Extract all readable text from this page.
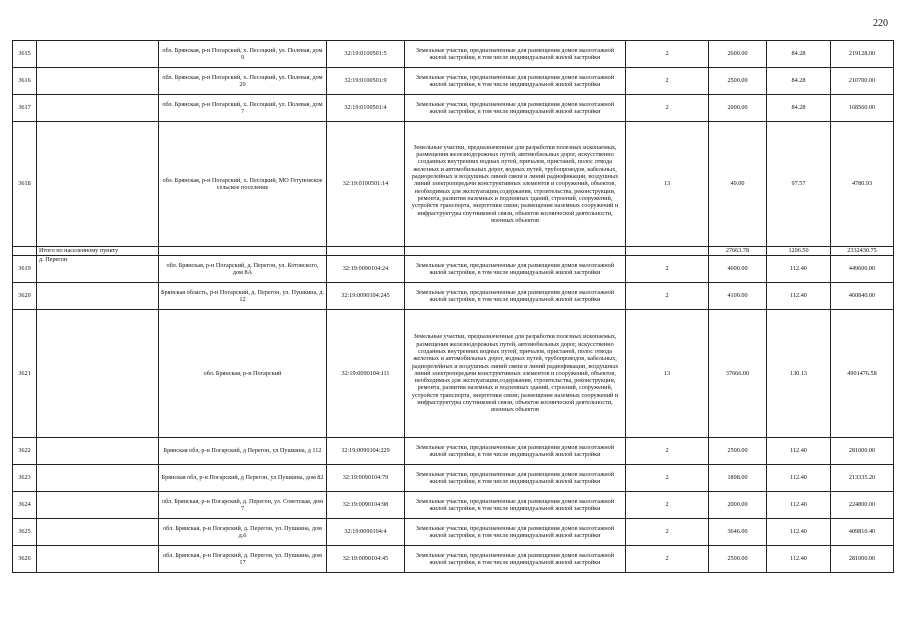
220
3615		обл. Брянская, р-н Погарский, х. Песоцкий, ул. Полевая, дом 9	32:19:0100501:5	Земельные участки, предназначенные для размещения домов малоэтажной жилой застройки, в том числе индивидуальной жилой застройки	2	2600.00	84.28	219128.00
3616		обл. Брянская, р-н Погарский, х. Песоцкий, ул. Полевая, дом 20	32:19:0100501:9	Земельные участки, предназначенные для размещения домов малоэтажной жилой застройки, в том числе индивидуальной жилой застройки	2	2500.00	84.28	210700.00
3617		обл. Брянская, р-н Погарский, х. Песоцкий, ул. Полевая, дом 7	32:19:0100501:4	Земельные участки, предназначенные для размещения домов малоэтажной жилой застройки, в том числе индивидуальной жилой застройки	2	2000.00	84.28	168560.00
3618		обл. Брянская, р-н Погарский, х. Песоцкий, МО Гетуновское сельское поселение	32:19:0100501:14	Земельные участки, предназначенные для разработки полезных ископаемых, размещения железнодорожных путей, автомобильных дорог, искусственно созданных внутренних водных путей, причалов, пристаней, полос отвода железных и автомобильных дорог, водных путей, трубопроводов, кабельных, радиорелейных и воздушных линий связи и линий радиофикации, воздушных линий электропередачи конструктивных элементов и сооружений, объектов, необходимых для эксплуатации,содержания, строительства, реконструкции, ремонта, развития наземных и подземных зданий, строений, сооружений, устройств транспорта, энергетики связи; размещения наземных сооружений и инфраструктуры спутниковой связи, объектов космической деятельности, военных объектов	13	49.00	97.57	4780.93
	Итого по населенному пункту					27663.78	1206.50	2332430.75
3619	д. Перегон	обл. Брянская, р-н Погарский, д. Перегон, ул. Котовского, дом 8А	32:19:0090104:24	Земельные участки, предназначенные для размещения домов малоэтажной жилой застройки, в том числе индивидуальной жилой застройки	2	4000.00	112.40	449600.00
3620		Брянская область, р-н Погарский, д. Перегон, ул. Пушкина, д. 12	32:19:0090104:245	Земельные участки, предназначенные для размещения домов малоэтажной жилой застройки, в том числе индивидуальной жилой застройки	2	4100.00	112.40	460840.00
3621		обл. Брянская, р-н Погарский	32:19:0090104:111	Земельные участки, предназначенные для разработки полезных ископаемых, размещения железнодорожных путей, автомобильных дорог, искусственно созданных внутренних водных путей, причалов, пристаней, полос отвода железных и автомобильных дорог, водных путей, трубопроводов, кабельных, радиорелейных и воздушных линий связи и линий радиофикации, воздушных линий электропередачи конструктивных элементов и сооружений, объектов, необходимых для эксплуатации,содержания, строительства, реконструкции, ремонта, развития наземных и подземных зданий, строений, сооружений, устройств транспорта, энергетики связи; размещения наземных сооружений и инфраструктуры спутниковой связи, объектов космической деятельности, военных объектов	13	37666.00	130.13	4901476.58
3622		Брянская обл, р-н Погарский, д Перегон, ул Пушкина, д 112	32:19:0090104:229	Земельные участки, предназначенные для размещения домов малоэтажной жилой застройки, в том числе индивидуальной жилой застройки	2	2500.00	112.40	281000.00
3623		Брянская обл, р-н Погарский, д Перегон, ул Пушкина, дом 82	32:19:0090104:79	Земельные участки, предназначенные для размещения домов малоэтажной жилой застройки, в том числе индивидуальной жилой застройки	2	1898.00	112.40	213335.20
3624		обл. Брянская, р-н Погарский, д. Перегон, ул. Советская, дом 7	32:19:0090104:98	Земельные участки, предназначенные для размещения домов малоэтажной жилой застройки, в том числе индивидуальной жилой застройки	2	2000.00	112.40	224800.00
3625		обл. Брянская, р-н Погарский, д. Перегон, ул. Пушкина, дом д.6	32:19:0090104:4	Земельные участки, предназначенные для размещения домов малоэтажной жилой застройки, в том числе индивидуальной жилой застройки	2	3646.00	112.40	409810.40
3626		обл. Брянская, р-н Погарский, д. Перегон, ул. Пушкина, дом 17	32:19:0090104:45	Земельные участки, предназначенные для размещения домов малоэтажной жилой застройки, в том числе индивидуальной жилой застройки	2	2500.00	112.40	281000.00
